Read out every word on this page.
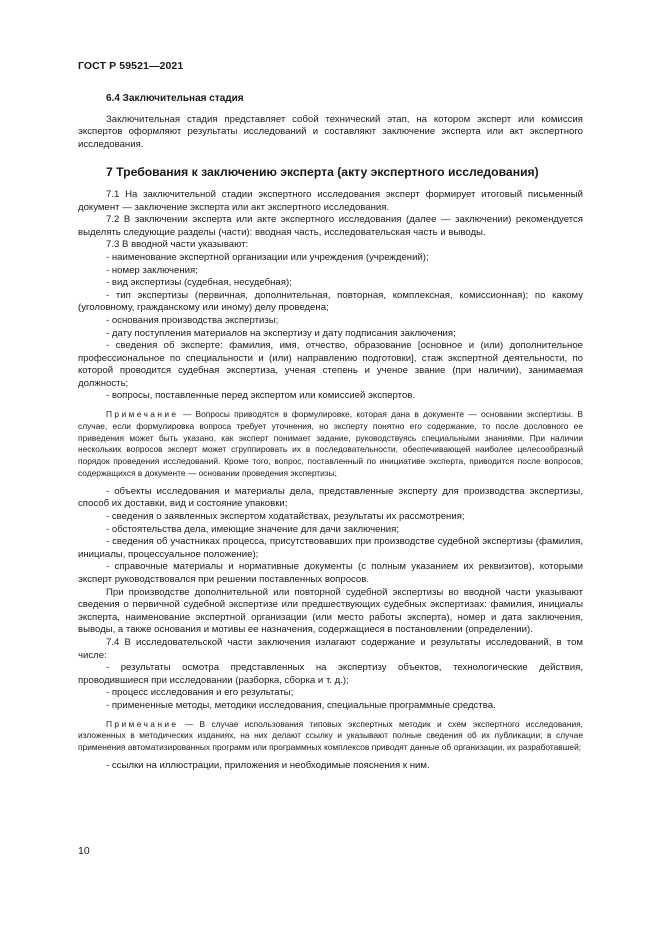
ГОСТ Р 59521—2021
6.4 Заключительная стадия

Заключительная стадия представляет собой технический этап, на котором эксперт или комиссия экспертов оформляют результаты исследований и составляют заключение эксперта или акт экспертного исследования.

7 Требования к заключению эксперта (акту экспертного исследования)

7.1 На заключительной стадии экспертного исследования эксперт формирует итоговый письменный документ — заключение эксперта или акт экспертного исследования.

7.2 В заключении эксперта или акте экспертного исследования (далее — заключении) рекомендуется выделять следующие разделы (части): вводная часть, исследовательская часть и выводы.

7.3 В вводной части указывают:

- наименование экспертной организации или учреждения (учреждений);

- номер заключения;

- вид экспертизы (судебная, несудебная);

- тип экспертизы (первичная, дополнительная, повторная, комплексная, комиссионная); по какому (уголовному, гражданскому или иному) делу проведена;

- основания производства экспертизы;

- дату поступления материалов на экспертизу и дату подписания заключения;

- сведения об эксперте: фамилия, имя, отчество, образование [основное и (или) дополнительное профессиональное по специальности и (или) направлению подготовки], стаж экспертной деятельности, по которой проводится судебная экспертиза, ученая степень и ученое звание (при наличии), занимаемая должность;

- вопросы, поставленные перед экспертом или комиссией экспертов.

Примечание — Вопросы приводятся в формулировке, которая дана в документе — основании экспертизы. В случае, если формулировка вопроса требует уточнения, но эксперту понятно его содержание, то после дословного ее приведения может быть указано, как эксперт понимает задание, руководствуясь специальными знаниями. При наличии нескольких вопросов эксперт может сгруппировать их в последовательности, обеспечивающей наиболее целесообразный порядок проведения исследований. Кроме того, вопрос, поставленный по инициативе эксперта, приводится после вопросов, содержащихся в документе — основании проведения экспертизы;

- объекты исследования и материалы дела, представленные эксперту для производства экспертизы, способ их доставки, вид и состояние упаковки;

- сведения о заявленных экспертом ходатайствах, результаты их рассмотрения;

- обстоятельства дела, имеющие значение для дачи заключения;

- сведения об участниках процесса, присутствовавших при производстве судебной экспертизы (фамилия, инициалы, процессуальное положение);

- справочные материалы и нормативные документы (с полным указанием их реквизитов), которыми эксперт руководствовался при решении поставленных вопросов.

При производстве дополнительной или повторной судебной экспертизы во вводной части указывают сведения о первичной судебной экспертизе или предшествующих судебных экспертизах: фамилия, инициалы эксперта, наименование экспертной организации (или место работы эксперта), номер и дата заключения, выводы, а также основания и мотивы ее назначения, содержащиеся в постановлении (определении).

7.4 В исследовательской части заключения излагают содержание и результаты исследований, в том числе:

- результаты осмотра представленных на экспертизу объектов, технологические действия, проводившиеся при исследовании (разборка, сборка и т. д.);

- процесс исследования и его результаты;

- примененные методы, методики исследования, специальные программные средства.

Примечание — В случае использования типовых экспертных методик и схем экспертного исследования, изложенных в методических изданиях, на них делают ссылку и указывают полные сведения об их публикации; в случае применения автоматизированных программ или программных комплексов приводят данные об организации, их разработавшей;

- ссылки на иллюстрации, приложения и необходимые пояснения к ним.

10
